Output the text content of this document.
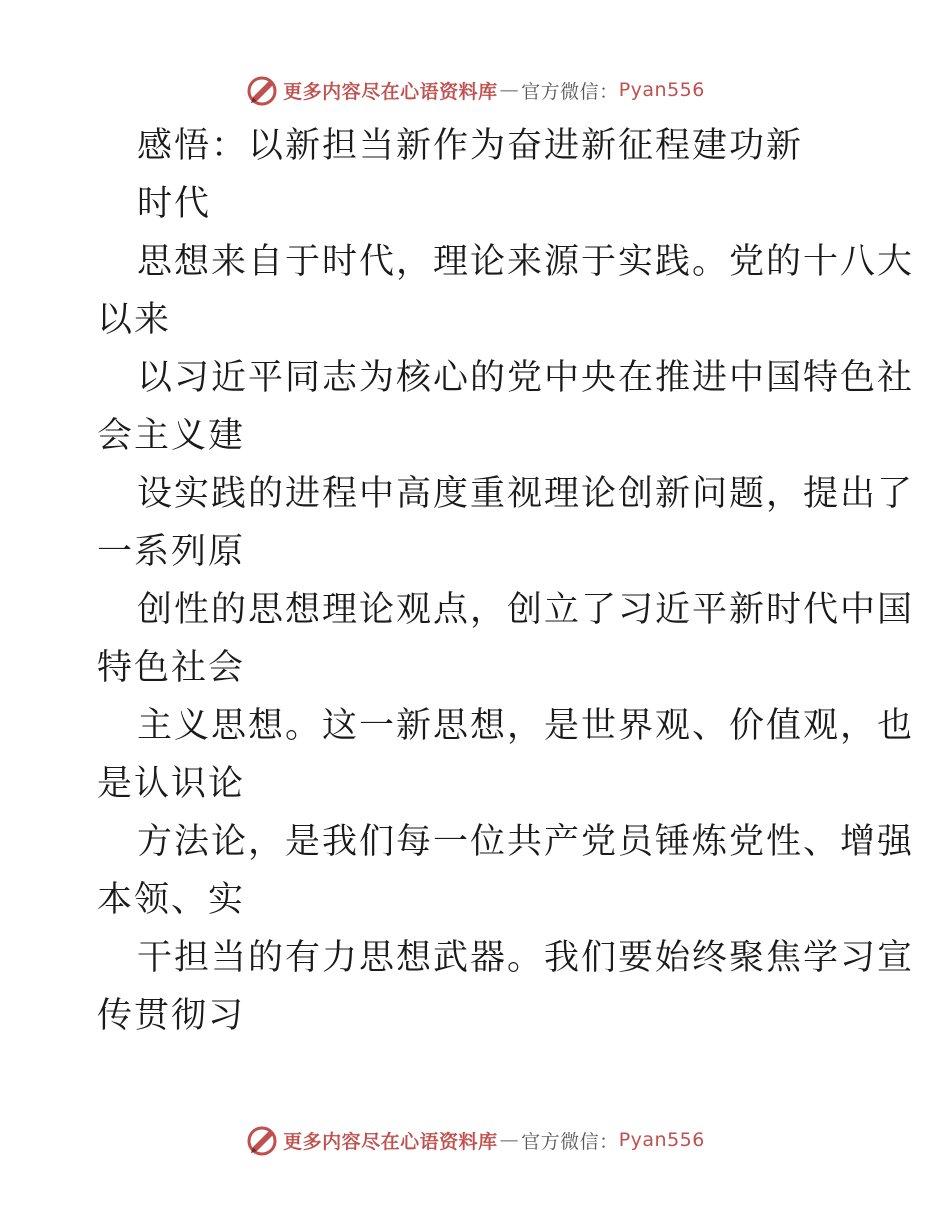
更多内容尽在心语资料库 — 官方微信： Pyan556
感悟：以新担当新作为奋进新征程建功新
时代
思想来自于时代，理论来源于实践。党的十八大
以来
以习近平同志为核心的党中央在推进中国特色社
会主义建
设实践的进程中高度重视理论创新问题，提出了
一系列原
创性的思想理论观点，创立了习近平新时代中国
特色社会
主义思想。这一新思想，是世界观、价值观，也
是认识论
方法论，是我们每一位共产党员锤炼党性、增强
本领、实
干担当的有力思想武器。我们要始终聚焦学习宣
传贯彻习
更多内容尽在心语资料库 — 官方微信： Pyan556
